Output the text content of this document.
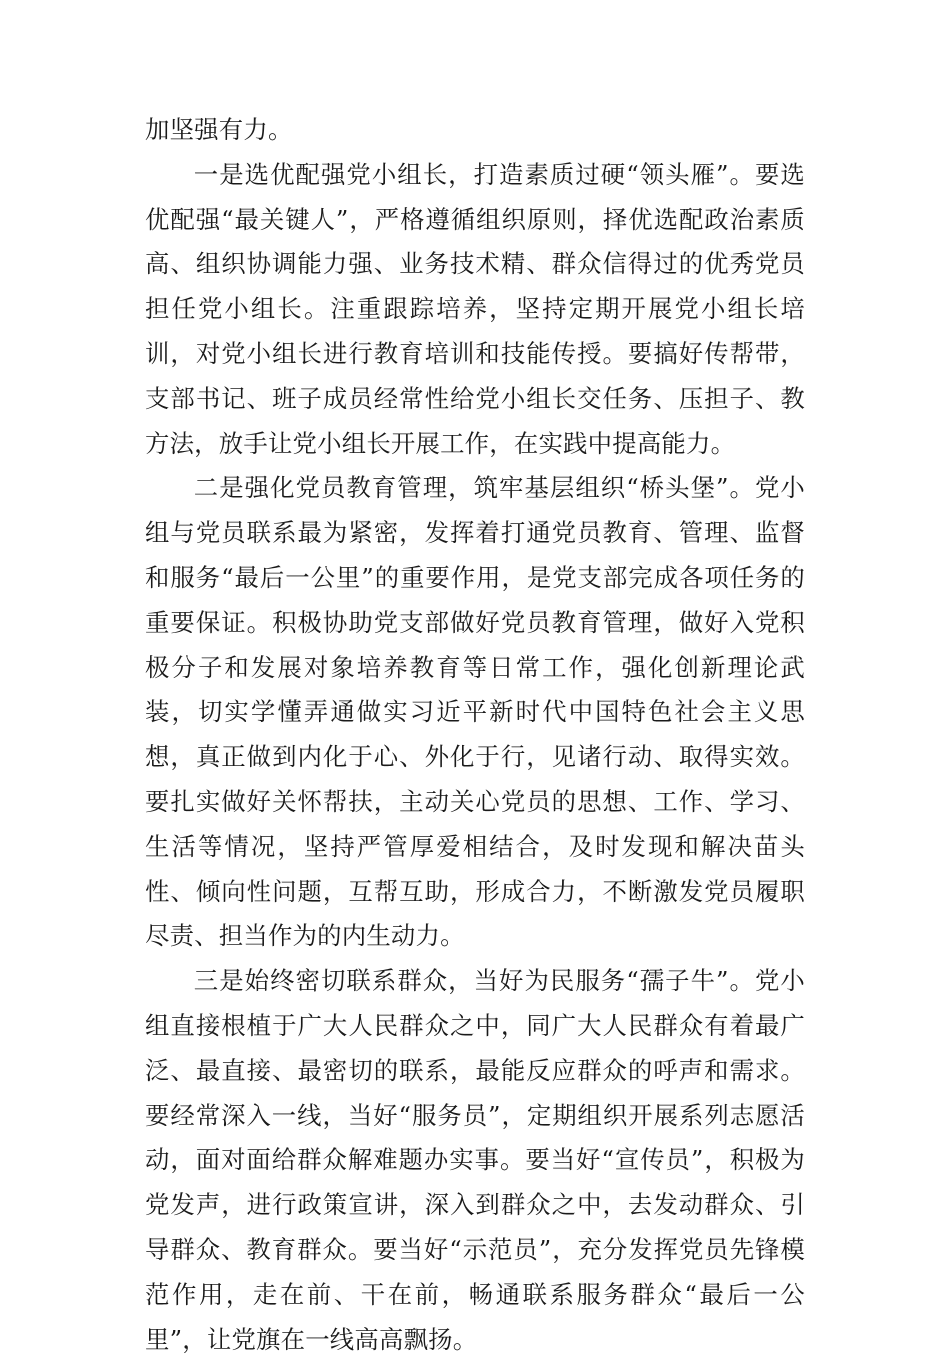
加坚强有力。

一是选优配强党小组长，打造素质过硬“领头雁”。要选优配强“最关键人”，严格遵循组织原则，择优选配政治素质高、组织协调能力强、业务技术精、群众信得过的优秀党员担任党小组长。注重跟踪培养，坚持定期开展党小组长培训，对党小组长进行教育培训和技能传授。要搞好传帮带，支部书记、班子成员经常性给党小组长交任务、压担子、教方法，放手让党小组长开展工作，在实践中提高能力。

二是强化党员教育管理，筑牢基层组织“桥头堡”。党小组与党员联系最为紧密，发挥着打通党员教育、管理、监督和服务“最后一公里”的重要作用，是党支部完成各项任务的重要保证。积极协助党支部做好党员教育管理，做好入党积极分子和发展对象培养教育等日常工作，强化创新理论武装，切实学懂弄通做实习近平新时代中国特色社会主义思想，真正做到内化于心、外化于行，见诸行动、取得实效。要扎实做好关怀帮扶，主动关心党员的思想、工作、学习、生活等情况，坚持严管厚爱相结合，及时发现和解决苗头性、倾向性问题，互帮互助，形成合力，不断激发党员履职尽责、担当作为的内生动力。

三是始终密切联系群众，当好为民服务“孺子牛”。党小组直接根植于广大人民群众之中，同广大人民群众有着最广泛、最直接、最密切的联系，最能反应群众的呼声和需求。要经常深入一线，当好“服务员”，定期组织开展系列志愿活动，面对面给群众解难题办实事。要当好“宣传员”，积极为党发声，进行政策宣讲，深入到群众之中，去发动群众、引导群众、教育群众。要当好“示范员”，充分发挥党员先锋模范作用，走在前、干在前，畅通联系服务群众“最后一公里”，让党旗在一线高高飘扬。
